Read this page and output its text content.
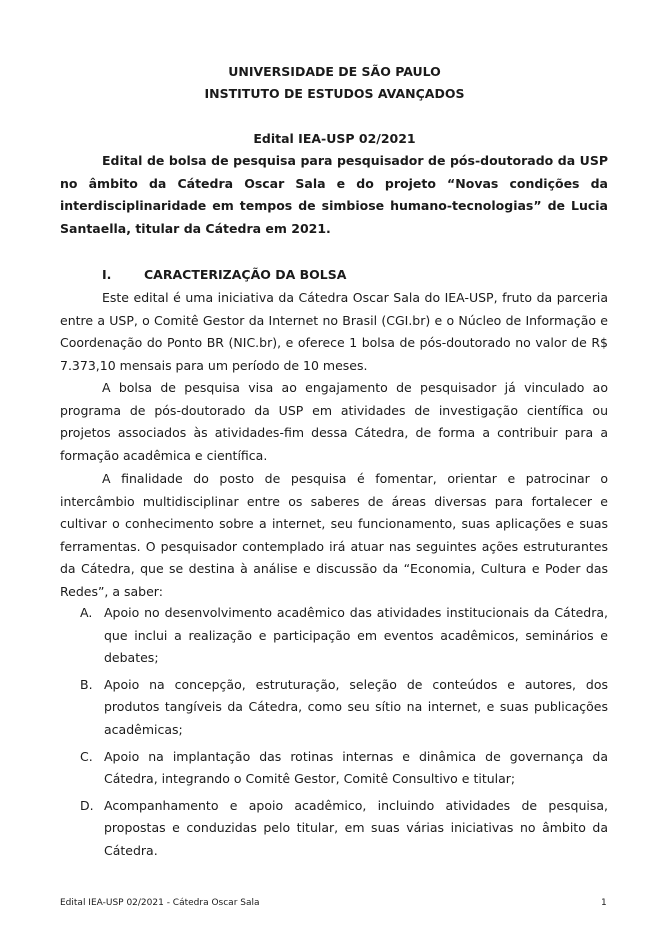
UNIVERSIDADE DE SÃO PAULO
INSTITUTO DE ESTUDOS AVANÇADOS
Edital IEA-USP 02/2021
Edital de bolsa de pesquisa para pesquisador de pós-doutorado da USP no âmbito da Cátedra Oscar Sala e do projeto “Novas condições da interdisciplinaridade em tempos de simbiose humano-tecnologias” de Lucia Santaella, titular da Cátedra em 2021.
I.	CARACTERIZAÇÃO DA BOLSA
Este edital é uma iniciativa da Cátedra Oscar Sala do IEA-USP, fruto da parceria entre a USP, o Comitê Gestor da Internet no Brasil (CGI.br) e o Núcleo de Informação e Coordenação do Ponto BR (NIC.br), e oferece 1 bolsa de pós-doutorado no valor de R$ 7.373,10 mensais para um período de 10 meses.
A bolsa de pesquisa visa ao engajamento de pesquisador já vinculado ao programa de pós-doutorado da USP em atividades de investigação científica ou projetos associados às atividades-fim dessa Cátedra, de forma a contribuir para a formação acadêmica e científica.
A finalidade do posto de pesquisa é fomentar, orientar e patrocinar o intercâmbio multidisciplinar entre os saberes de áreas diversas para fortalecer e cultivar o conhecimento sobre a internet, seu funcionamento, suas aplicações e suas ferramentas. O pesquisador contemplado irá atuar nas seguintes ações estruturantes da Cátedra, que se destina à análise e discussão da “Economia, Cultura e Poder das Redes”, a saber:
A. Apoio no desenvolvimento acadêmico das atividades institucionais da Cátedra, que inclui a realização e participação em eventos acadêmicos, seminários e debates;
B. Apoio na concepção, estruturação, seleção de conteúdos e autores, dos produtos tangíveis da Cátedra, como seu sítio na internet, e suas publicações acadêmicas;
C. Apoio na implantação das rotinas internas e dinâmica de governança da Cátedra, integrando o Comitê Gestor, Comitê Consultivo e titular;
D. Acompanhamento e apoio acadêmico, incluindo atividades de pesquisa, propostas e conduzidas pelo titular, em suas várias iniciativas no âmbito da Cátedra.
Edital IEA-USP 02/2021 - Cátedra Oscar Sala	1
